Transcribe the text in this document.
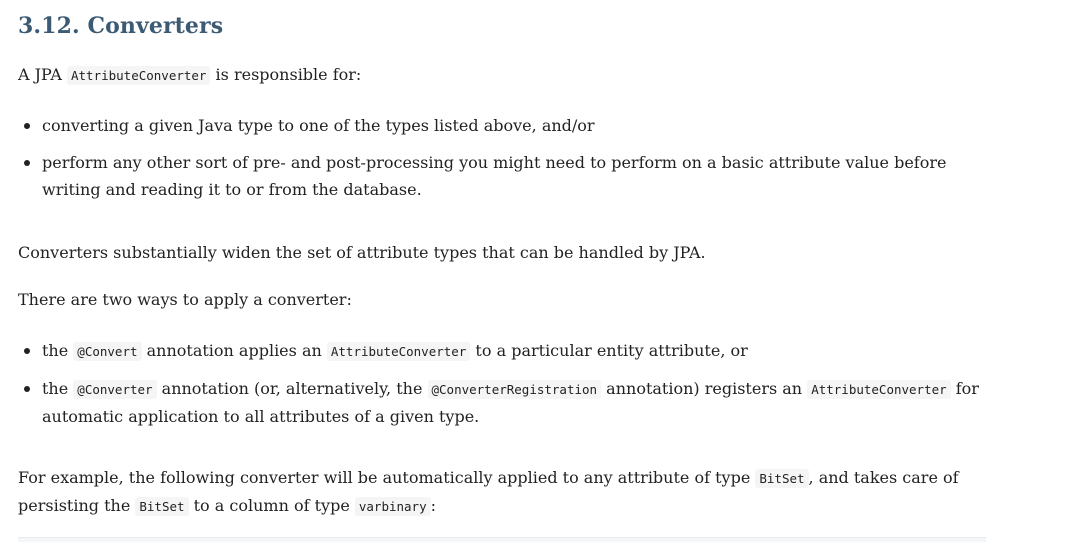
3.12. Converters

A JPA AttributeConverter is responsible for:

converting a given Java type to one of the types listed above, and/or
perform any other sort of pre- and post-processing you might need to perform on a basic attribute value before writing and reading it to or from the database.

Converters substantially widen the set of attribute types that can be handled by JPA.

There are two ways to apply a converter:

the @Convert annotation applies an AttributeConverter to a particular entity attribute, or
the @Converter annotation (or, alternatively, the @ConverterRegistration annotation) registers an AttributeConverter for automatic application to all attributes of a given type.

For example, the following converter will be automatically applied to any attribute of type BitSet , and takes care of persisting the BitSet to a column of type varbinary :
